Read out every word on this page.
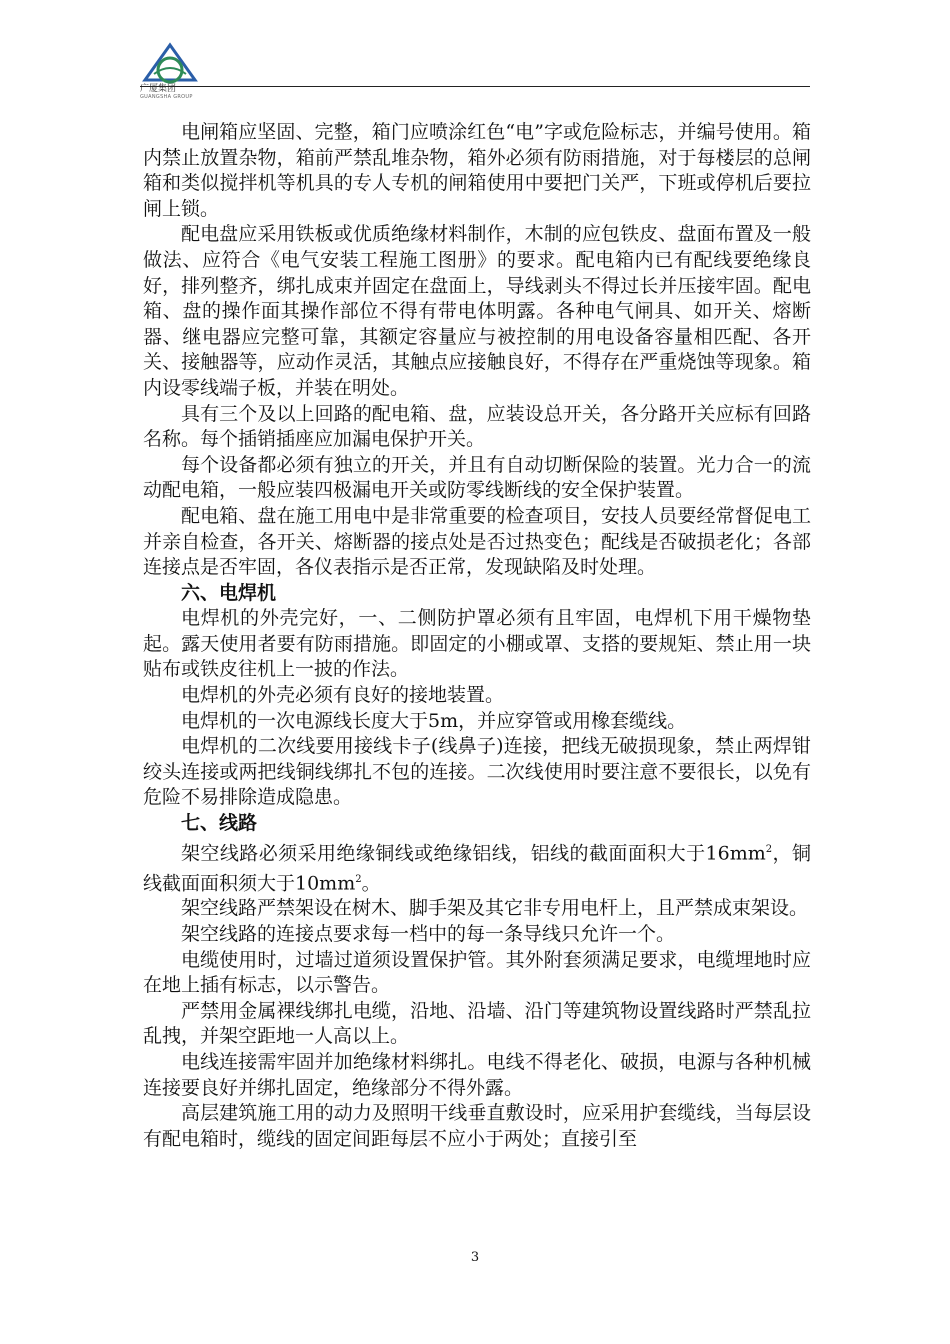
广厦集团
GUANGSHA GROUP

电闸箱应坚固、完整，箱门应喷涂红色“电”字或危险标志，并编号使用。箱内禁止放置杂物，箱前严禁乱堆杂物，箱外必须有防雨措施，对于每楼层的总闸箱和类似搅拌机等机具的专人专机的闸箱使用中要把门关严，下班或停机后要拉闸上锁。

配电盘应采用铁板或优质绝缘材料制作，木制的应包铁皮、盘面布置及一般做法、应符合《电气安装工程施工图册》的要求。配电箱内已有配线要绝缘良好，排列整齐，绑扎成束并固定在盘面上，导线剥头不得过长并压接牢固。配电箱、盘的操作面其操作部位不得有带电体明露。各种电气闸具、如开关、熔断器、继电器应完整可靠，其额定容量应与被控制的用电设备容量相匹配、各开关、接触器等，应动作灵活，其触点应接触良好，不得存在严重烧蚀等现象。箱内设零线端子板，并装在明处。

具有三个及以上回路的配电箱、盘，应装设总开关，各分路开关应标有回路名称。每个插销插座应加漏电保护开关。

每个设备都必须有独立的开关，并且有自动切断保险的装置。光力合一的流动配电箱，一般应装四极漏电开关或防零线断线的安全保护装置。

配电箱、盘在施工用电中是非常重要的检查项目，安技人员要经常督促电工并亲自检查，各开关、熔断器的接点处是否过热变色；配线是否破损老化；各部连接点是否牢固，各仪表指示是否正常，发现缺陷及时处理。

六、电焊机

电焊机的外壳完好，一、二侧防护罩必须有且牢固，电焊机下用干燥物垫起。露天使用者要有防雨措施。即固定的小棚或罩、支搭的要规矩、禁止用一块贴布或铁皮往机上一披的作法。

电焊机的外壳必须有良好的接地装置。

电焊机的一次电源线长度大于5m，并应穿管或用橡套缆线。

电焊机的二次线要用接线卡子(线鼻子)连接，把线无破损现象，禁止两焊钳绞头连接或两把线铜线绑扎不包的连接。二次线使用时要注意不要很长，以免有危险不易排除造成隐患。

七、线路

架空线路必须采用绝缘铜线或绝缘铝线，铝线的截面面积大于$16mm^2$，铜线截面面积须大于$10mm^2$。

架空线路严禁架设在树木、脚手架及其它非专用电杆上，且严禁成束架设。

架空线路的连接点要求每一档中的每一条导线只允许一个。

电缆使用时，过墙过道须设置保护管。其外附套须满足要求，电缆埋地时应在地上插有标志，以示警告。

严禁用金属裸线绑扎电缆，沿地、沿墙、沿门等建筑物设置线路时严禁乱拉乱拽，并架空距地一人高以上。

电线连接需牢固并加绝缘材料绑扎。电线不得老化、破损，电源与各种机械连接要良好并绑扎固定，绝缘部分不得外露。

高层建筑施工用的动力及照明干线垂直敷设时，应采用护套缆线，当每层设有配电箱时，缆线的固定间距每层不应小于两处；直接引至

3
